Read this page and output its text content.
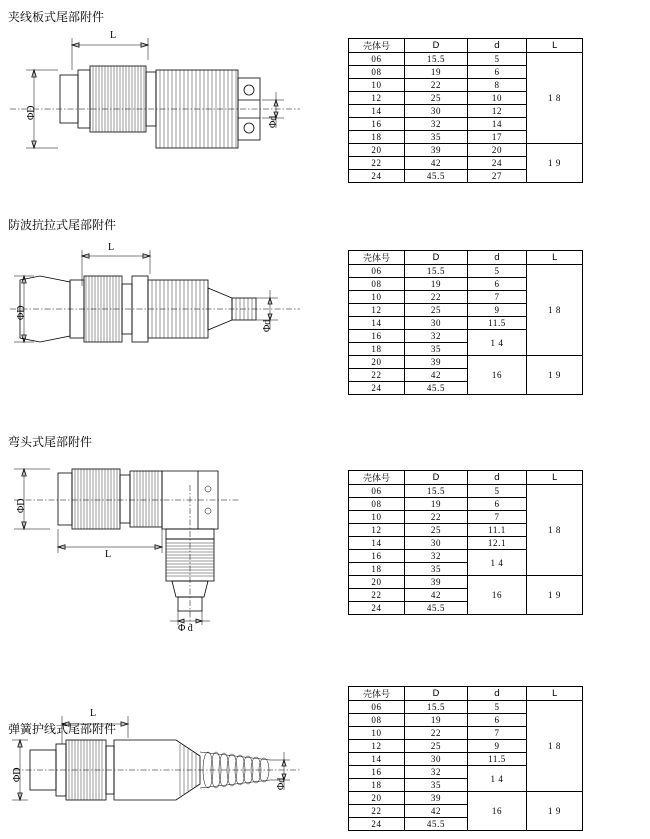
夹线板式尾部附件
L
ΦD
Φd
壳体号	D	d	L
06	15.5	5	1 8
08	19	6	
10	22	8	
12	25	10	
14	30	12	
16	32	14	
18	35	17	
20	39	20	1 9
22	42	24	
24	45.5	27	
防波抗拉式尾部附件
L
ΦD
Φd
壳体号	D	d	L
06	15.5	5	1 8
08	19	6	
10	22	7	
12	25	9	
14	30	11.5	
16	32	1 4	
18	35		
20	39	16	1 9
22	42		
24	45.5		
弯头式尾部附件
ΦD
L
Φ d
壳体号	D	d	L
06	15.5	5	1 8
08	19	6	
10	22	7	
12	25	11.1	
14	30	12.1	
16	32	1 4	
18	35		
20	39	16	1 9
22	42		
24	45.5		
弹簧护线式尾部附件
L
ΦD
Φd
壳体号	D	d	L
06	15.5	5	1 8
08	19	6	
10	22	7	
12	25	9	
14	30	11.5	
16	32	1 4	
18	35		
20	39	16	1 9
22	42		
24	45.5		
